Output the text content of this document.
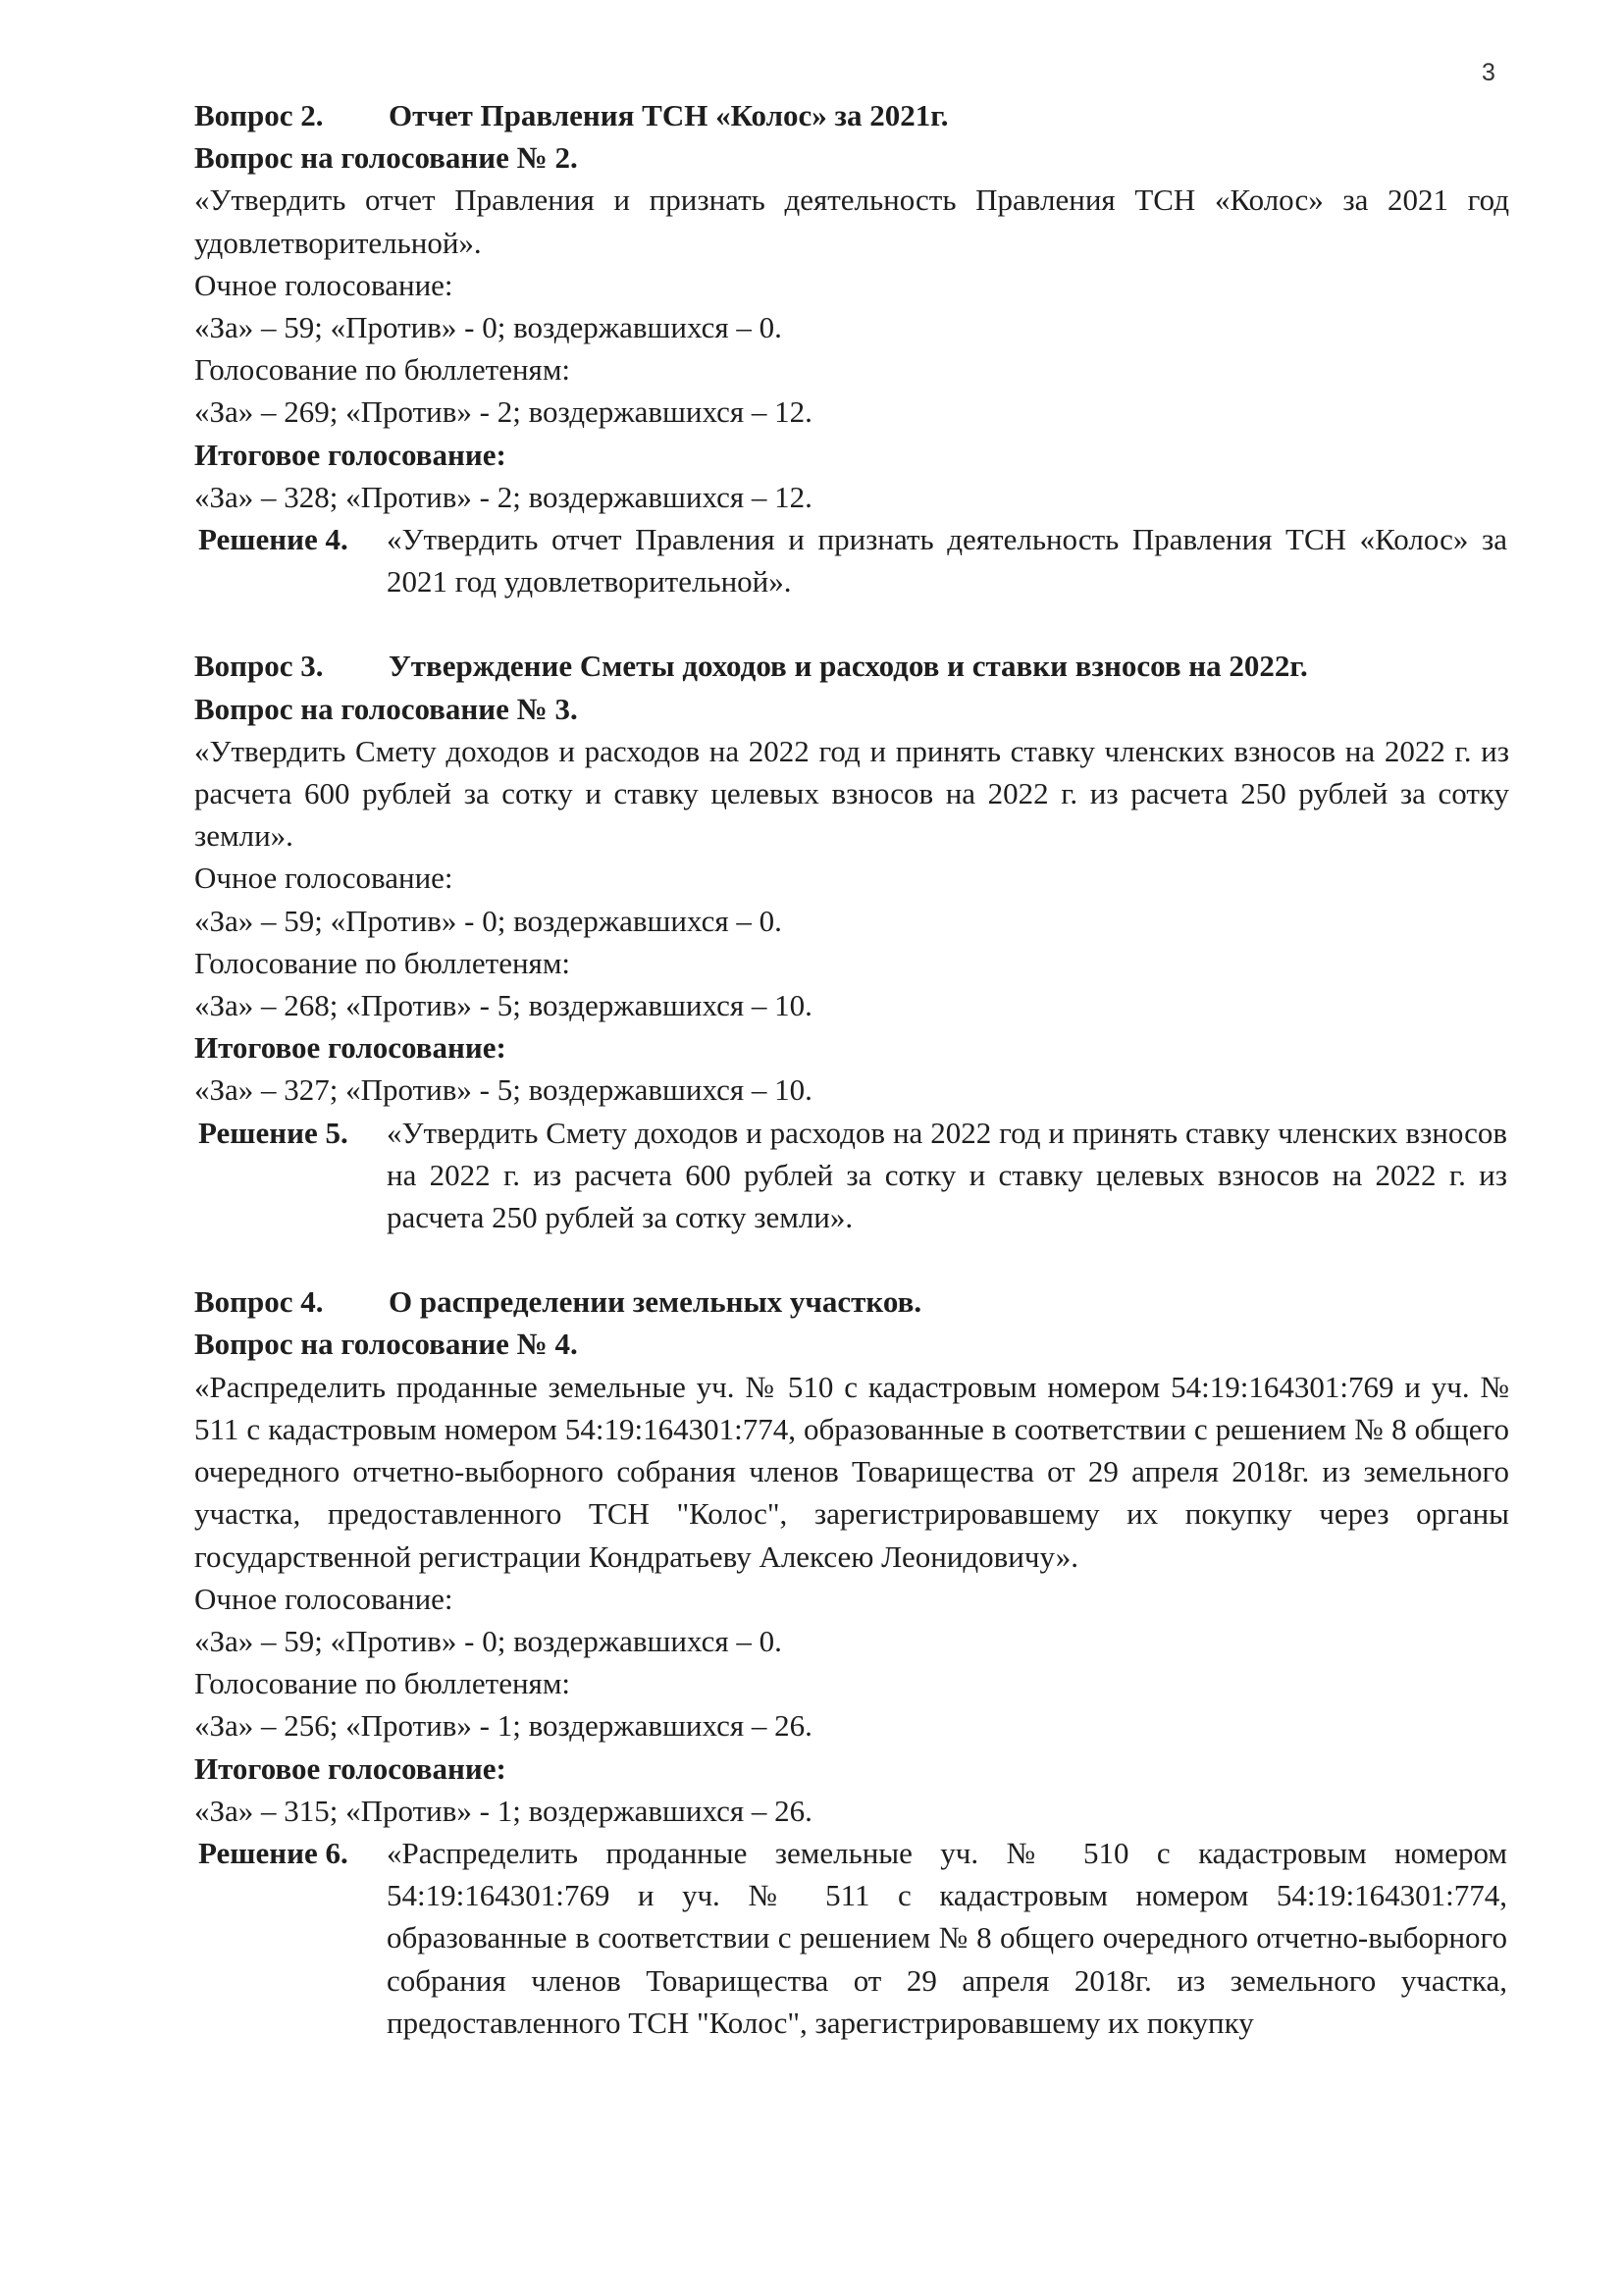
3
Вопрос 2. Отчет Правления ТСН «Колос» за 2021г.
Вопрос на голосование № 2.
«Утвердить отчет Правления и признать деятельность Правления ТСН «Колос» за 2021 год удовлетворительной».
Очное голосование:
«За» – 59; «Против» - 0; воздержавшихся – 0.
Голосование по бюллетеням:
«За» – 269; «Против» - 2; воздержавшихся – 12.
Итоговое голосование:
«За» – 328; «Против» - 2; воздержавшихся – 12.
Решение 4.	«Утвердить отчет Правления и признать деятельность Правления ТСН «Колос» за 2021 год удовлетворительной».
Вопрос 3. Утверждение Сметы доходов и расходов и ставки взносов на 2022г.
Вопрос на голосование № 3.
«Утвердить Смету доходов и расходов на 2022 год и принять ставку членских взносов на 2022 г. из расчета 600 рублей за сотку и ставку целевых взносов на 2022 г. из расчета 250 рублей за сотку земли».
Очное голосование:
«За» – 59; «Против» - 0; воздержавшихся – 0.
Голосование по бюллетеням:
«За» – 268; «Против» - 5; воздержавшихся – 10.
Итоговое голосование:
«За» – 327; «Против» - 5; воздержавшихся – 10.
Решение 5.	«Утвердить Смету доходов и расходов на 2022 год и принять ставку членских взносов на 2022 г. из расчета 600 рублей за сотку и ставку целевых взносов на 2022 г. из расчета 250 рублей за сотку земли».
Вопрос 4. О распределении земельных участков.
Вопрос на голосование № 4.
«Распределить проданные земельные уч. № 510 с кадастровым номером 54:19:164301:769 и уч. № 511 с кадастровым номером 54:19:164301:774, образованные в соответствии с решением № 8 общего очередного отчетно-выборного собрания членов Товарищества от 29 апреля 2018г. из земельного участка, предоставленного ТСН "Колос", зарегистрировавшему их покупку через органы государственной регистрации Кондратьеву Алексею Леонидовичу».
Очное голосование:
«За» – 59; «Против» - 0; воздержавшихся – 0.
Голосование по бюллетеням:
«За» – 256; «Против» - 1; воздержавшихся – 26.
Итоговое голосование:
«За» – 315; «Против» - 1; воздержавшихся – 26.
Решение 6.	«Распределить проданные земельные уч. № 510 с кадастровым номером 54:19:164301:769 и уч. № 511 с кадастровым номером 54:19:164301:774, образованные в соответствии с решением № 8 общего очередного отчетно-выборного собрания членов Товарищества от 29 апреля 2018г. из земельного участка, предоставленного ТСН "Колос", зарегистрировавшему их покупку
